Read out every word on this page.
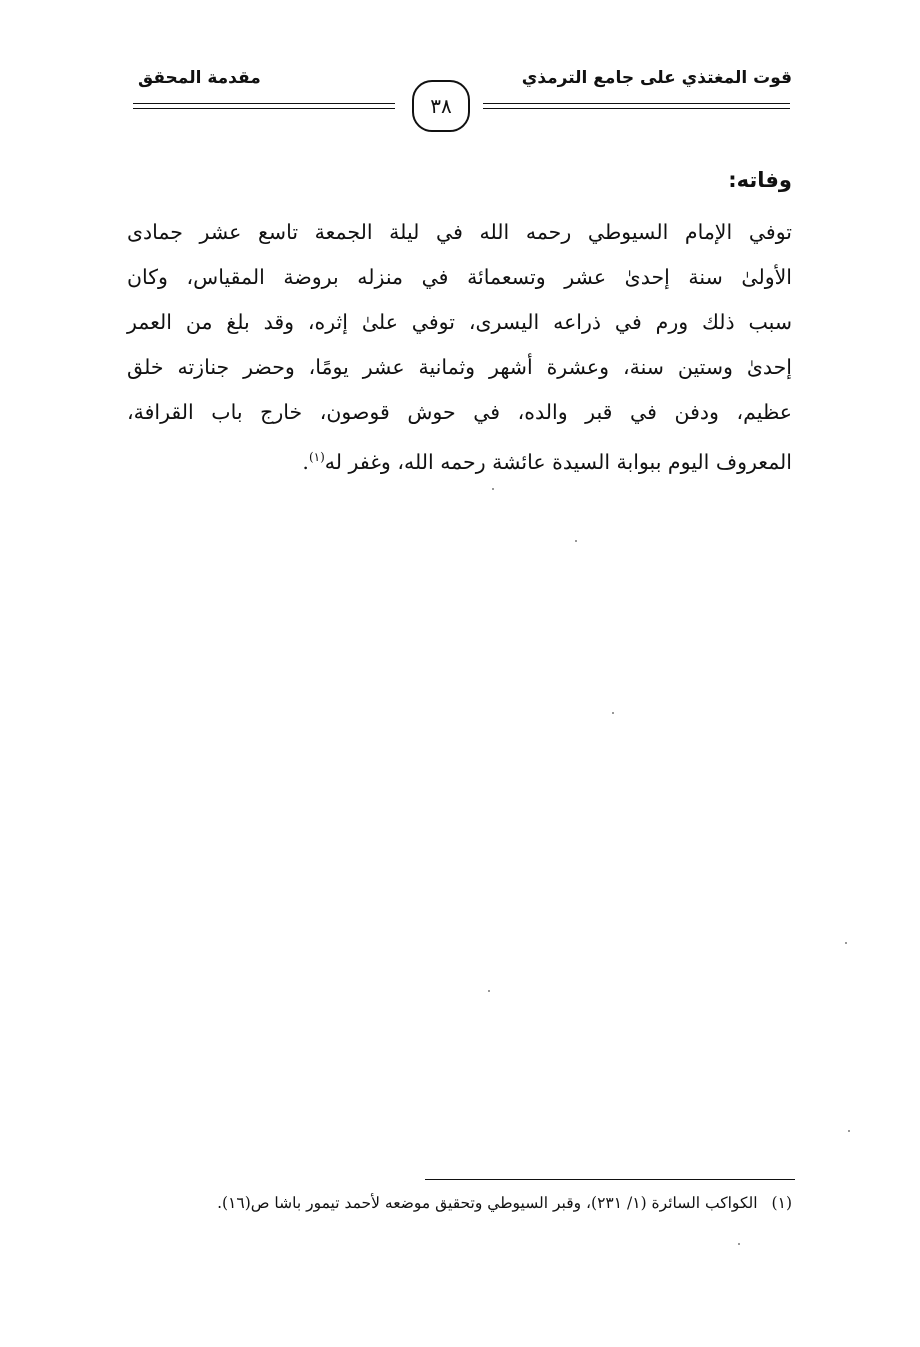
قوت المغتذي على جامع الترمذي
مقدمة المحقق
٣٨
وفاته:
توفي الإمام السيوطي رحمه الله في ليلة الجمعة تاسع عشر جمادى
الأولىٰ سنة إحدىٰ عشر وتسعمائة في منزله بروضة المقياس، وكان
سبب ذلك ورم في ذراعه اليسرى، توفي علىٰ إثره، وقد بلغ من العمر
إحدىٰ وستين سنة، وعشرة أشهر وثمانية عشر يومًا، وحضر جنازته خلق
عظيم، ودفن في قبر والده، في حوش قوصون، خارج باب القرافة،
المعروف اليوم ببوابة السيدة عائشة رحمه الله، وغفر له$^{(١)}$.
(١)الكواكب السائرة (١/ ٢٣١)، وقبر السيوطي وتحقيق موضعه لأحمد تيمور باشا ص(١٦).
